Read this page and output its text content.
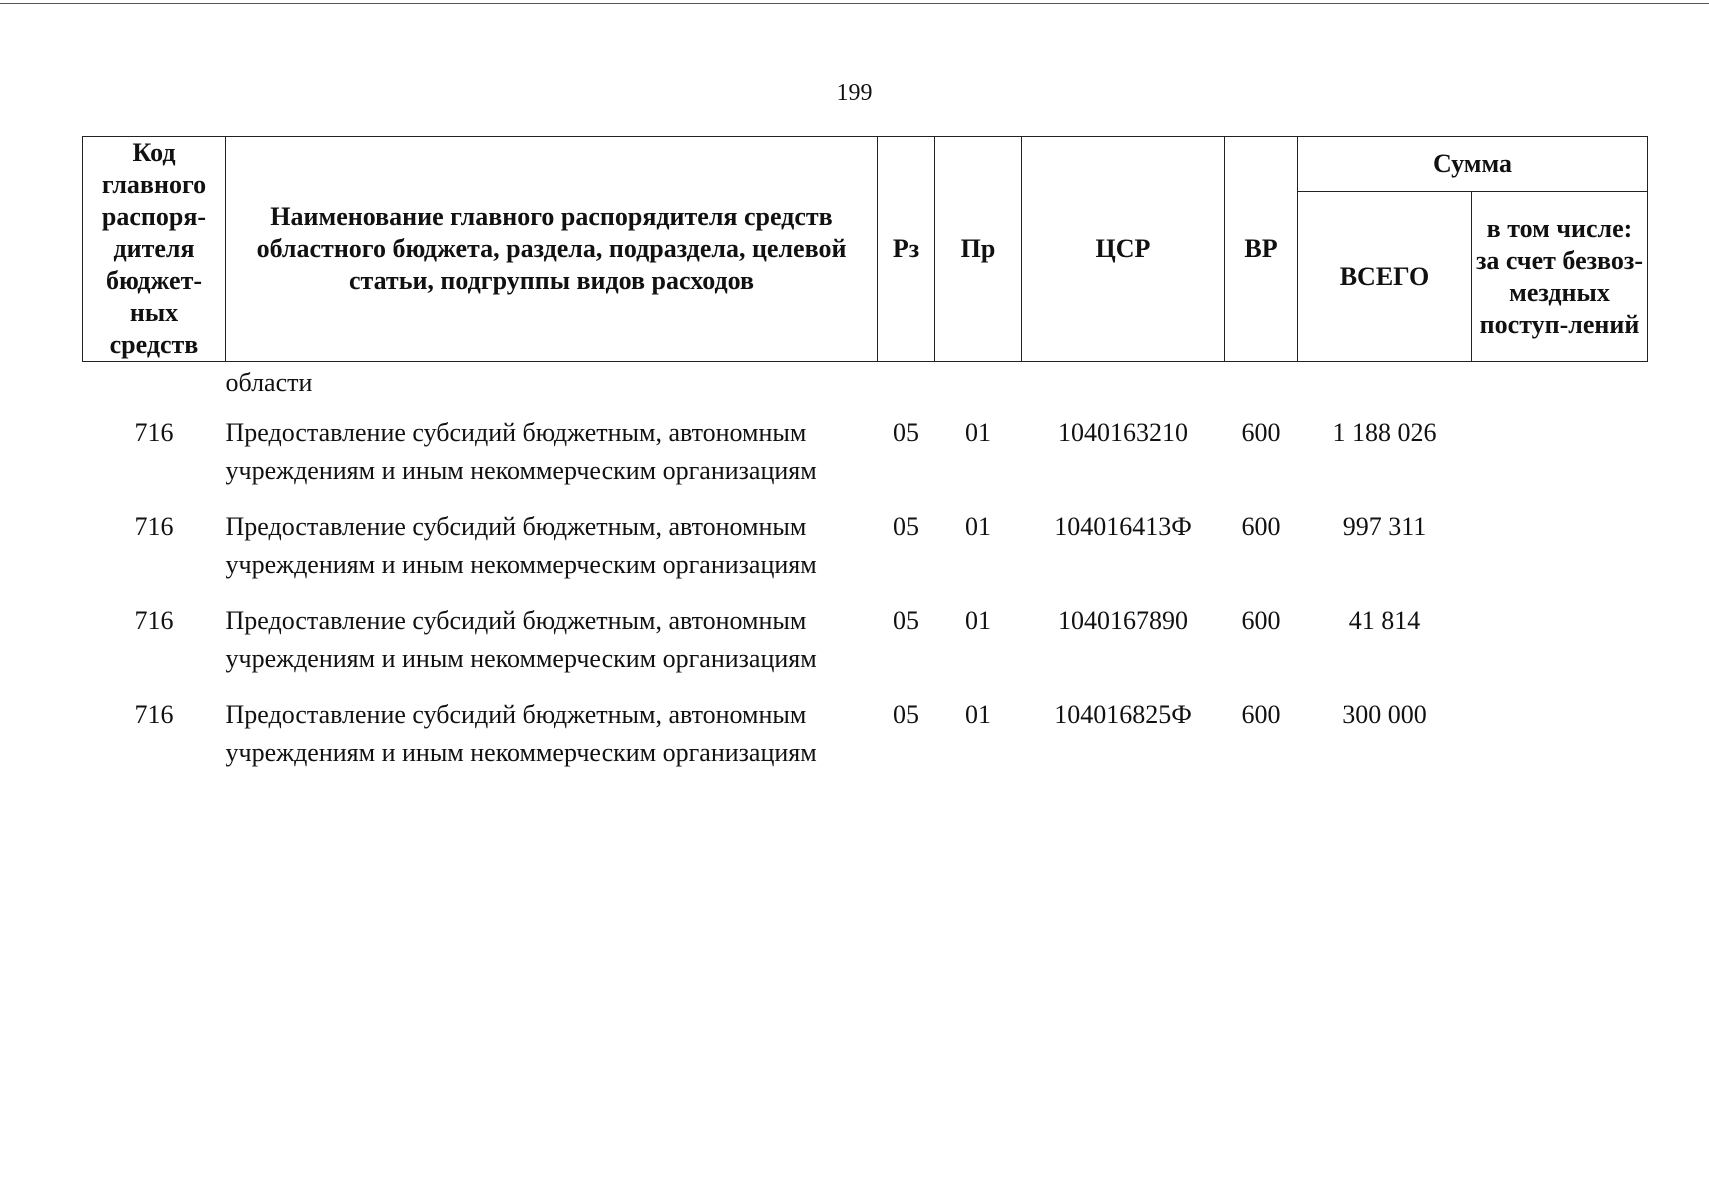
199
Код главного распоря-дителя бюджет-ных средств	Наименование главного распорядителя средств областного бюджета, раздела, подраздела, целевой статьи, подгруппы видов расходов	Рз	Пр	ЦСР	ВР	Сумма	
						ВСЕГО	в том числе: за счет безвоз-мездных поступ-лений
	области						
716	Предоставление субсидий бюджетным, автономным учреждениям и иным некоммерческим организациям	05	01	1040163210	600	1 188 026	
716	Предоставление субсидий бюджетным, автономным учреждениям и иным некоммерческим организациям	05	01	104016413Ф	600	997 311	
716	Предоставление субсидий бюджетным, автономным учреждениям и иным некоммерческим организациям	05	01	1040167890	600	41 814	
716	Предоставление субсидий бюджетным, автономным учреждениям и иным некоммерческим организациям	05	01	104016825Ф	600	300 000	
